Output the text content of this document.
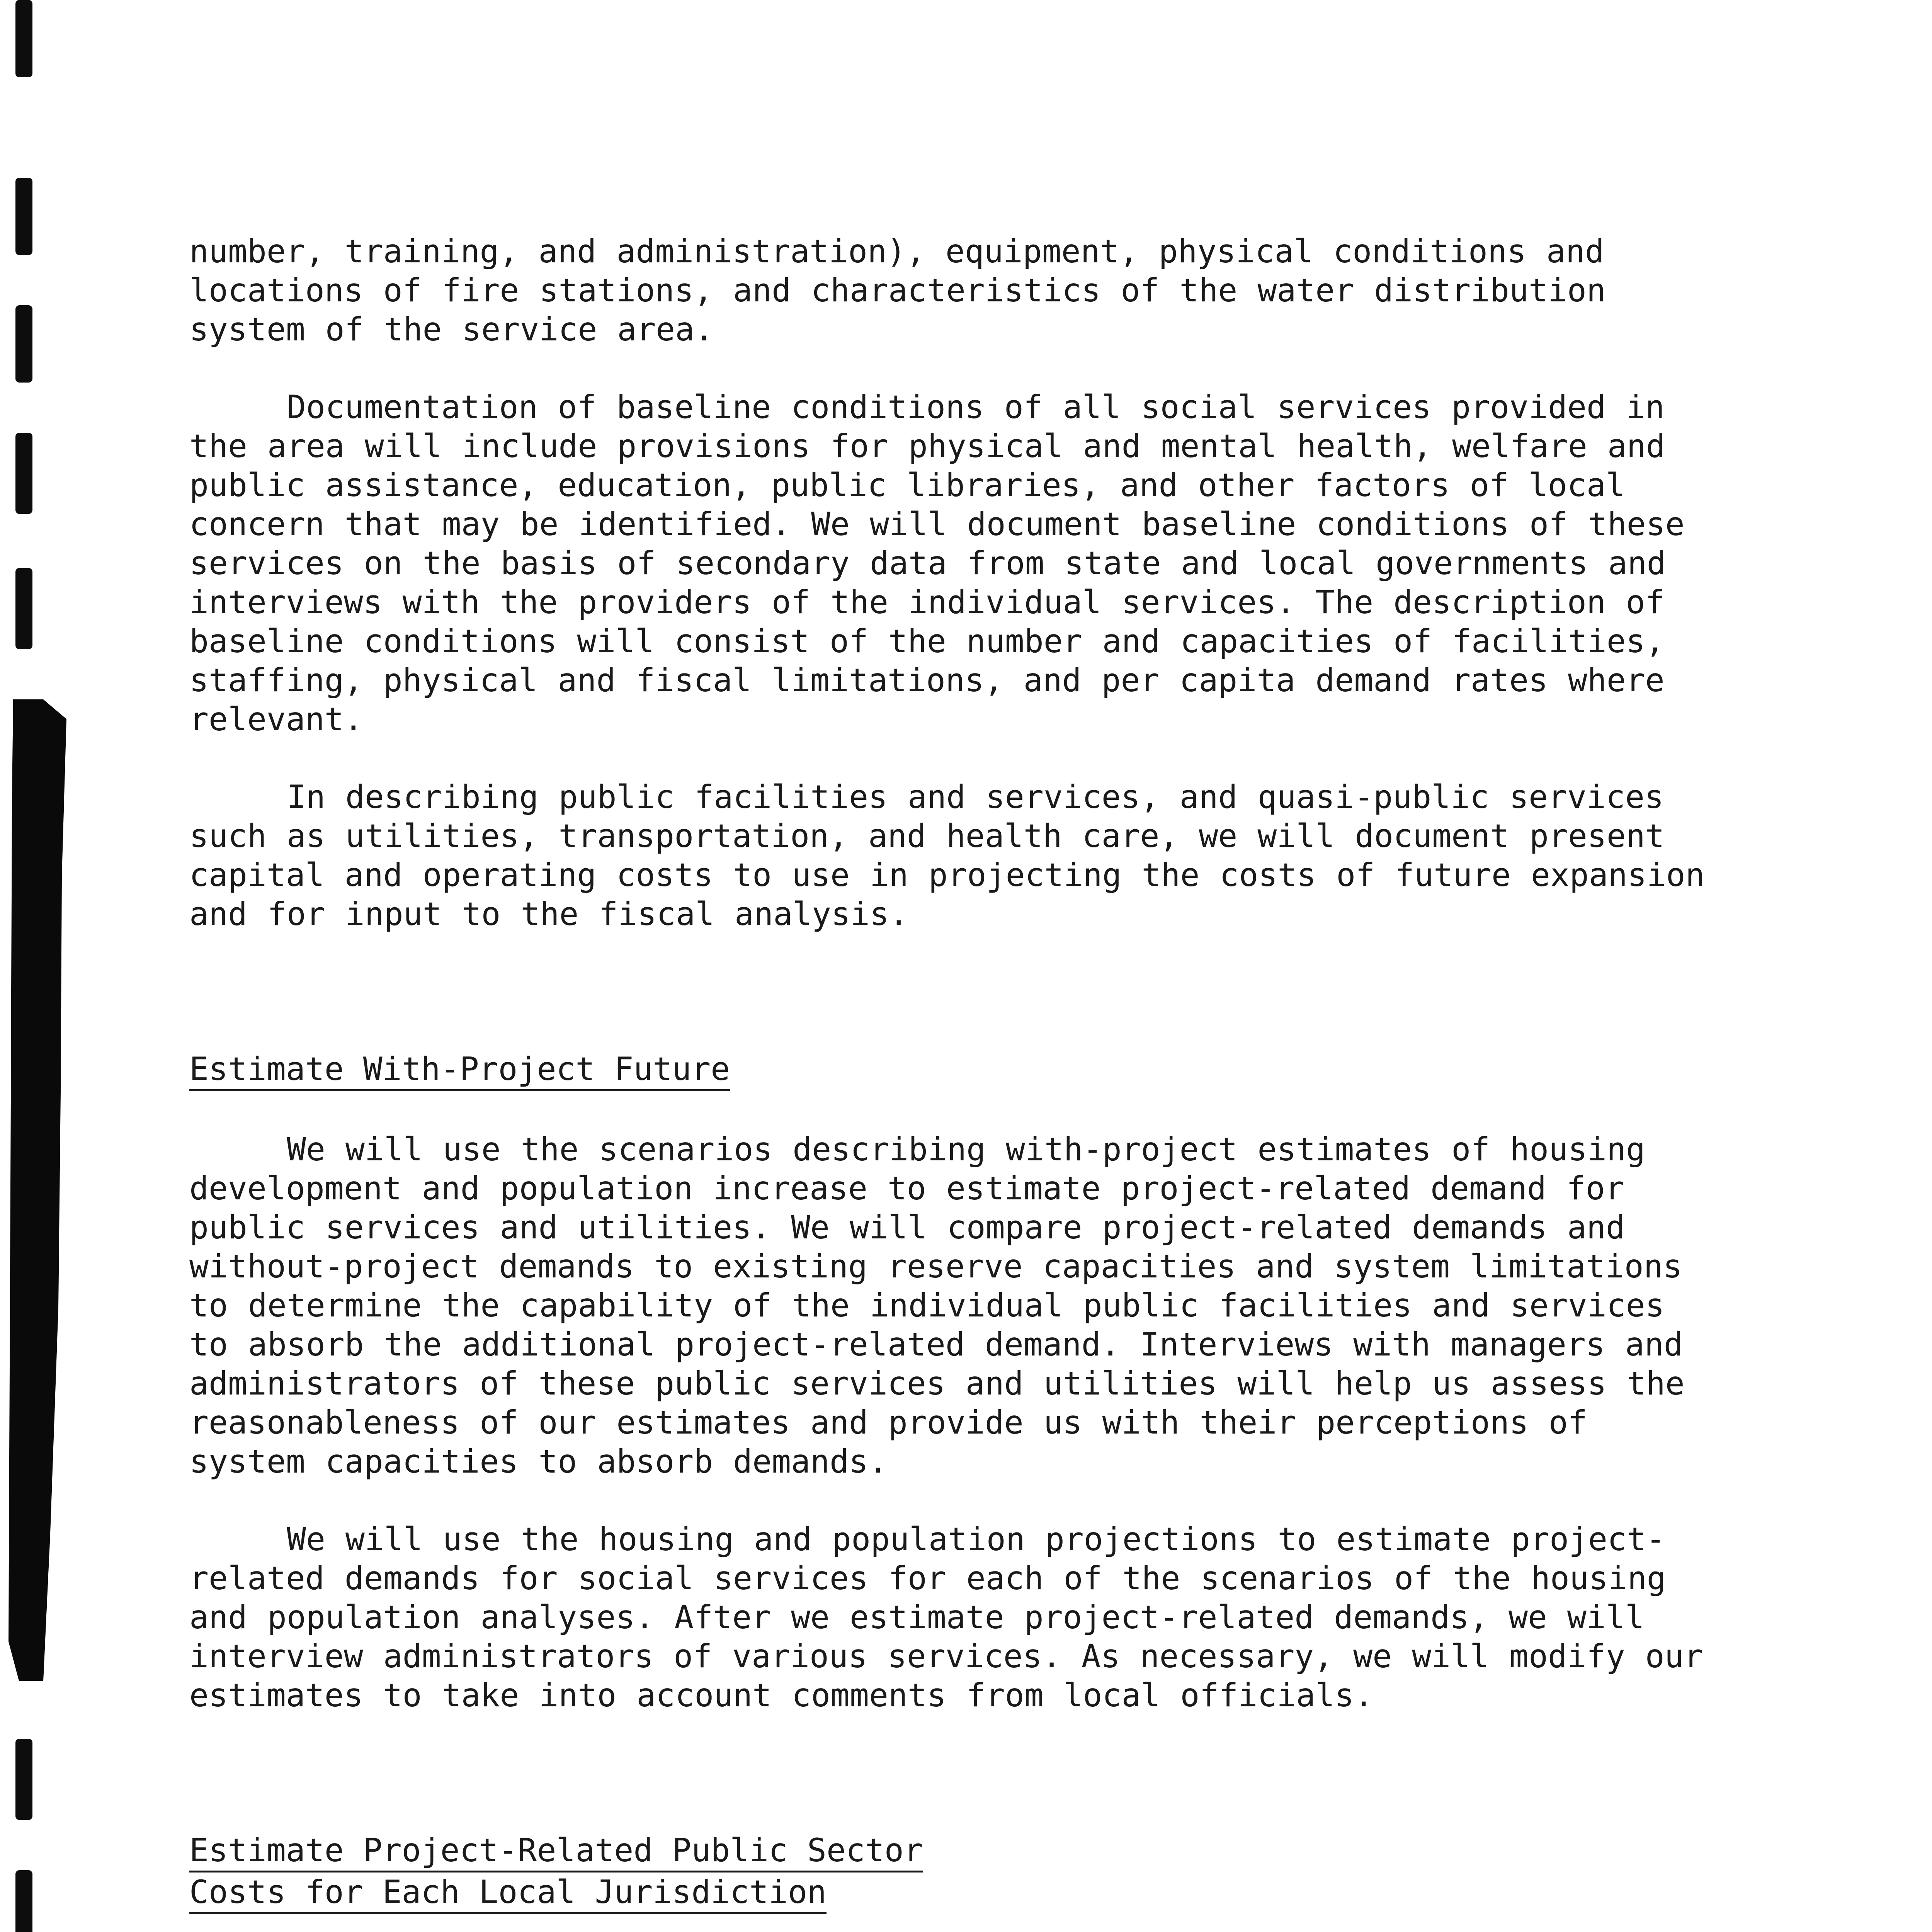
number, training, and administration), equipment, physical conditions and locations of fire stations, and characteristics of the water distribution system of the service area.

Documentation of baseline conditions of all social services provided in the area will include provisions for physical and mental health, welfare and public assistance, education, public libraries, and other factors of local concern that may be identified. We will document baseline conditions of these services on the basis of secondary data from state and local governments and interviews with the providers of the individual services. The description of baseline conditions will consist of the number and capacities of facilities, staffing, physical and fiscal limitations, and per capita demand rates where relevant.

In describing public facilities and services, and quasi-public services such as utilities, transportation, and health care, we will document present capital and operating costs to use in projecting the costs of future expansion and for input to the fiscal analysis.

Estimate With-Project Future

We will use the scenarios describing with-project estimates of housing development and population increase to estimate project-related demand for public services and utilities. We will compare project-related demands and without-project demands to existing reserve capacities and system limitations to determine the capability of the individual public facilities and services to absorb the additional project-related demand. Interviews with managers and administrators of these public services and utilities will help us assess the reasonableness of our estimates and provide us with their perceptions of system capacities to absorb demands.

We will use the housing and population projections to estimate project-related demands for social services for each of the scenarios of the housing and population analyses. After we estimate project-related demands, we will interview administrators of various services. As necessary, we will modify our estimates to take into account comments from local officials.

Estimate Project-Related Public Sector
Costs for Each Local Jurisdiction
